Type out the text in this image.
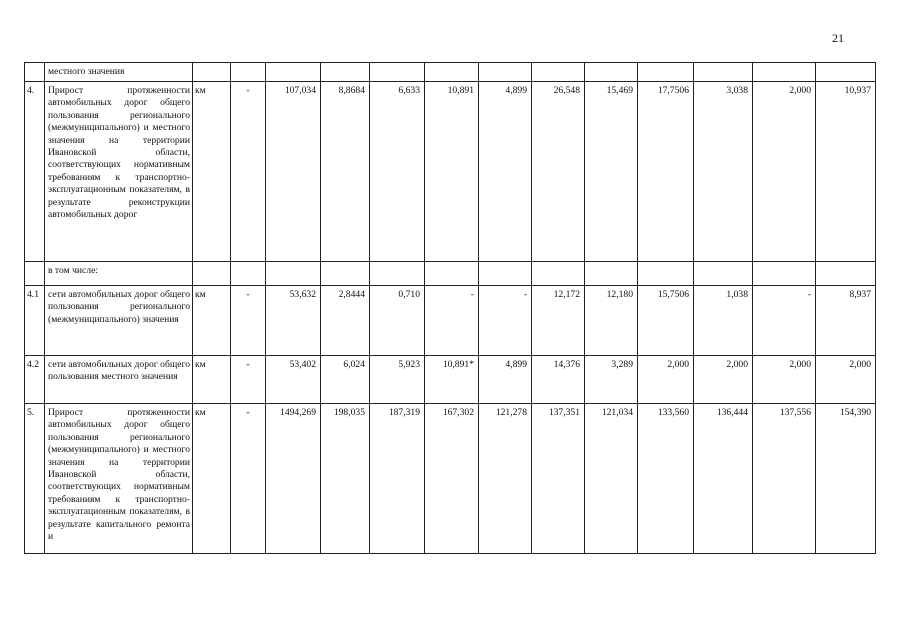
21
	местного значения													
4.	Прирост протяженности автомобильных дорог общего пользования регионального (межмуниципального) и местного значения на территории Ивановской области, соответствующих нормативным требованиям к транспортно-эксплуатационным показателям, в результате реконструкции автомобильных дорог	км	-	107,034	8,8684	6,633	10,891	4,899	26,548	15,469	17,7506	3,038	2,000	10,937
	в том числе:													
4.1	сети автомобильных дорог общего пользования регионального (межмуниципального) значения	км	-	53,632	2,8444	0,710	-	-	12,172	12,180	15,7506	1,038	-	8,937
4.2	сети автомобильных дорог общего пользования местного значения	км	-	53,402	6,024	5,923	10,891*	4,899	14,376	3,289	2,000	2,000	2,000	2,000
5.	Прирост протяженности автомобильных дорог общего пользования регионального (межмуниципального) и местного значения на территории Ивановской области, соответствующих нормативным требованиям к транспортно-эксплуатационным показателям, в результате капитального ремонта и	км	-	1494,269	198,035	187,319	167,302	121,278	137,351	121,034	133,560	136,444	137,556	154,390
